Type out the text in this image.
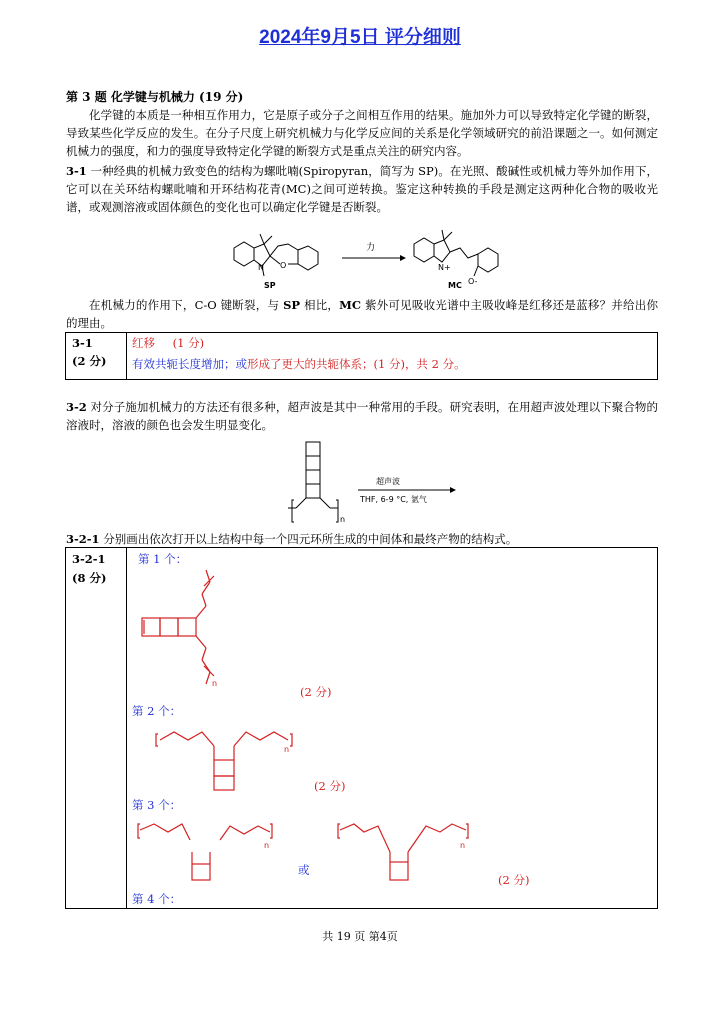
2024年9月5日 评分细则
第 3 题 化学键与机械力 (19 分)
化学键的本质是一种相互作用力，它是原子或分子之间相互作用的结果。施加外力可以导致特定化学键的断裂，导致某些化学反应的发生。在分子尺度上研究机械力与化学反应间的关系是化学领域研究的前沿课题之一。如何测定机械力的强度，和力的强度导致特定化学键的断裂方式是重点关注的研究内容。
3-1 一种经典的机械力致变色的结构为螺吡喃(Spiropyran，简写为 SP)。在光照、酸碱性或机械力等外加作用下，它可以在关环结构螺吡喃和开环结构花青(MC)之间可逆转换。鉴定这种转换的手段是测定这两种化合物的吸收光谱，或观测溶液或固体颜色的变化也可以确定化学键是否断裂。
N O
SP
力
N+
O-
MC
在机械力的作用下，C-O 键断裂，与 SP 相比，MC 紫外可见吸收光谱中主吸收峰是红移还是蓝移？并给出你的理由。
3-1
(2 分)
红移 (1 分)
有效共轭长度增加；或形成了更大的共轭体系；(1 分)，共 2 分。
3-2 对分子施加机械力的方法还有很多种，超声波是其中一种常用的手段。研究表明，在用超声波处理以下聚合物的溶液时，溶液的颜色也会发生明显变化。
n
超声波
THF, 6-9 °C, 氩气
3-2-1 分别画出依次打开以上结构中每一个四元环所生成的中间体和最终产物的结构式。
3-2-1
(8 分)
第 1 个：
n
(2 分)
第 2 个：
n
(2 分)
第 3 个：
n
或
n
(2 分)
第 4 个：
共 19 页 第4页
